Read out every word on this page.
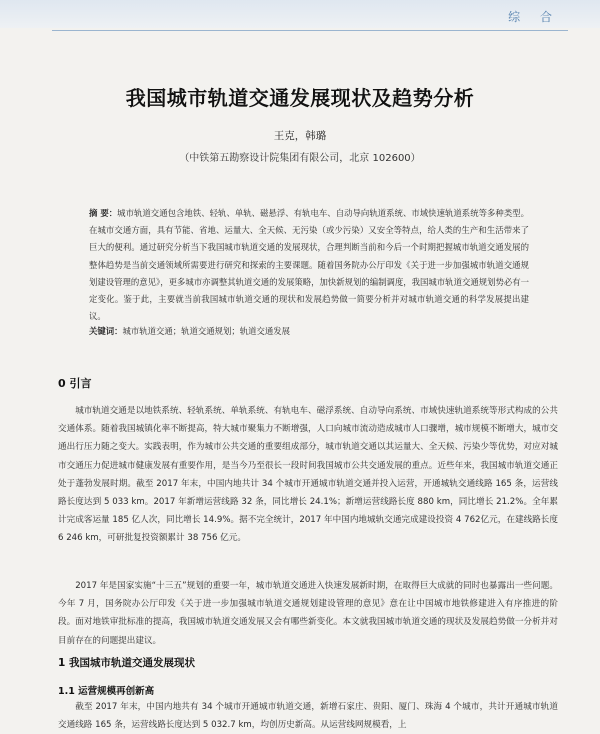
综 合
我国城市轨道交通发展现状及趋势分析
王克，韩璐
（中铁第五勘察设计院集团有限公司，北京 102600）
摘 要：城市轨道交通包含地铁、轻轨、单轨、磁悬浮、有轨电车、自动导向轨道系统、市域快速轨道系统等多种类型。在城市交通方面，具有节能、省地、运量大、全天候、无污染（或少污染）又安全等特点，给人类的生产和生活带来了巨大的便利。通过研究分析当下我国城市轨道交通的发展现状，合理判断当前和今后一个时期把握城市轨道交通发展的整体趋势是当前交通领域所需要进行研究和探索的主要课题。随着国务院办公厅印发《关于进一步加强城市轨道交通规划建设管理的意见》，更多城市亦调整其轨道交通的发展策略，加快新规划的编制调度，我国城市轨道交通规划势必有一定变化。鉴于此，主要就当前我国城市轨道交通的现状和发展趋势做一简要分析并对城市轨道交通的科学发展提出建议。
关键词：城市轨道交通；轨道交通规划；轨道交通发展
0 引言
城市轨道交通是以地铁系统、轻轨系统、单轨系统、有轨电车、磁浮系统、自动导向系统、市域快速轨道系统等形式构成的公共交通体系。随着我国城镇化率不断提高，特大城市聚集力不断增强，人口向城市流动造成城市人口骤增，城市规模不断增大，城市交通出行压力随之变大。实践表明，作为城市公共交通的重要组成部分，城市轨道交通以其运量大、全天候、污染少等优势，对应对城市交通压力促进城市健康发展有重要作用，是当今乃至很长一段时间我国城市公共交通发展的重点。近些年来，我国城市轨道交通正处于蓬勃发展时期。截至 2017 年末，中国内地共计 34 个城市开通城市轨道交通并投入运营，开通城轨交通线路 165 条，运营线路长度达到 5 033 km。2017 年新增运营线路 32 条，同比增长 24.1%；新增运营线路长度 880 km，同比增长 21.2%。全年累计完成客运量 185 亿人次，同比增长 14.9%。据不完全统计，2017 年中国内地城轨交通完成建设投资 4 762亿元，在建线路长度 6 246 km，可研批复投资额累计 38 756 亿元。
2017 年是国家实施“十三五”规划的重要一年，城市轨道交通进入快速发展新时期，在取得巨大成就的同时也暴露出一些问题。今年 7 月，国务院办公厅印发《关于进一步加强城市轨道交通规划建设管理的意见》意在让中国城市地铁修建进入有序推进的阶段。面对地铁审批标准的提高，我国城市轨道交通发展又会有哪些新变化。本文就我国城市轨道交通的现状及发展趋势做一分析并对目前存在的问题提出建议。
1 我国城市轨道交通发展现状
1.1 运营规模再创新高
截至 2017 年末，中国内地共有 34 个城市开通城市轨道交通，新增石家庄、贵阳、厦门、珠海 4 个城市，共计开通城市轨道交通线路 165 条，运营线路长度达到 5 032.7 km，均创历史新高。从运营线网规模看，上
